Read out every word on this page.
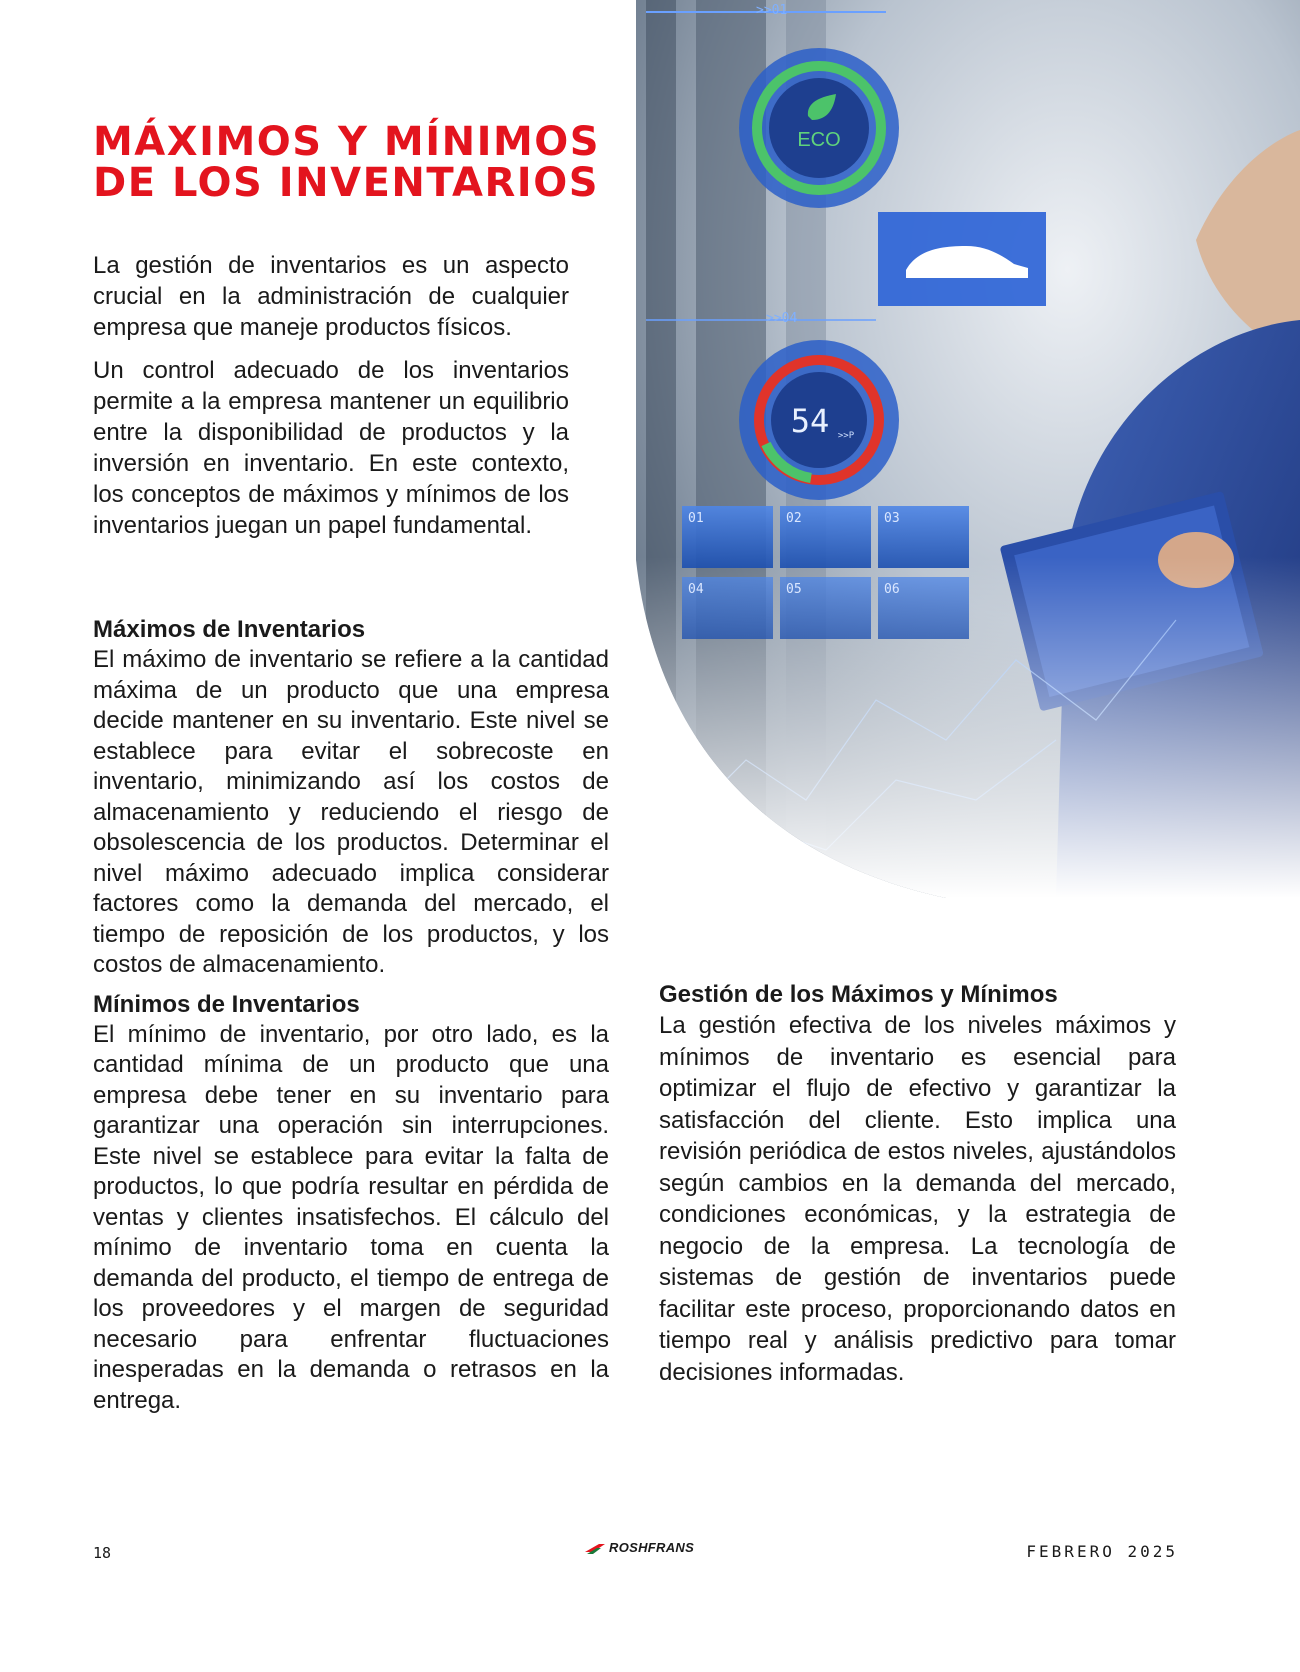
MÁXIMOS Y MÍNIMOS DE LOS INVENTARIOS

La gestión de inventarios es un aspecto crucial en la administración de cualquier empresa que maneje productos físicos.

Un control adecuado de los inventarios permite a la empresa mantener un equilibrio entre la disponibilidad de productos y la inversión en inventario. En este contexto, los conceptos de máximos y mínimos de los inventarios juegan un papel fundamental.

Máximos de Inventarios

El máximo de inventario se refiere a la cantidad máxima de un producto que una empresa decide mantener en su inventario. Este nivel se establece para evitar el sobrecoste en inventario, minimizando así los costos de almacenamiento y reduciendo el riesgo de obsolescencia de los productos. Determinar el nivel máximo adecuado implica considerar factores como la demanda del mercado, el tiempo de reposición de los productos, y los costos de almacenamiento.

Mínimos de Inventarios

El mínimo de inventario, por otro lado, es la cantidad mínima de un producto que una empresa debe tener en su inventario para garantizar una operación sin interrupciones. Este nivel se establece para evitar la falta de productos, lo que podría resultar en pérdida de ventas y clientes insatisfechos. El cálculo del mínimo de inventario toma en cuenta la demanda del producto, el tiempo de entrega de los proveedores y el margen de seguridad necesario para enfrentar fluctuaciones inesperadas en la demanda o retrasos en la entrega.

Gestión de los Máximos y Mínimos

La gestión efectiva de los niveles máximos y mínimos de inventario es esencial para optimizar el flujo de efectivo y garantizar la satisfacción del cliente. Esto implica una revisión periódica de estos niveles, ajustándolos según cambios en la demanda del mercado, condiciones económicas, y la estrategia de negocio de la empresa. La tecnología de sistemas de gestión de inventarios puede facilitar este proceso, proporcionando datos en tiempo real y análisis predictivo para tomar decisiones informadas.

>>01
>>04
ECO
54 >>P
01	02	03
04	05	06
18	ROSHFRANS	FEBRERO 2025
